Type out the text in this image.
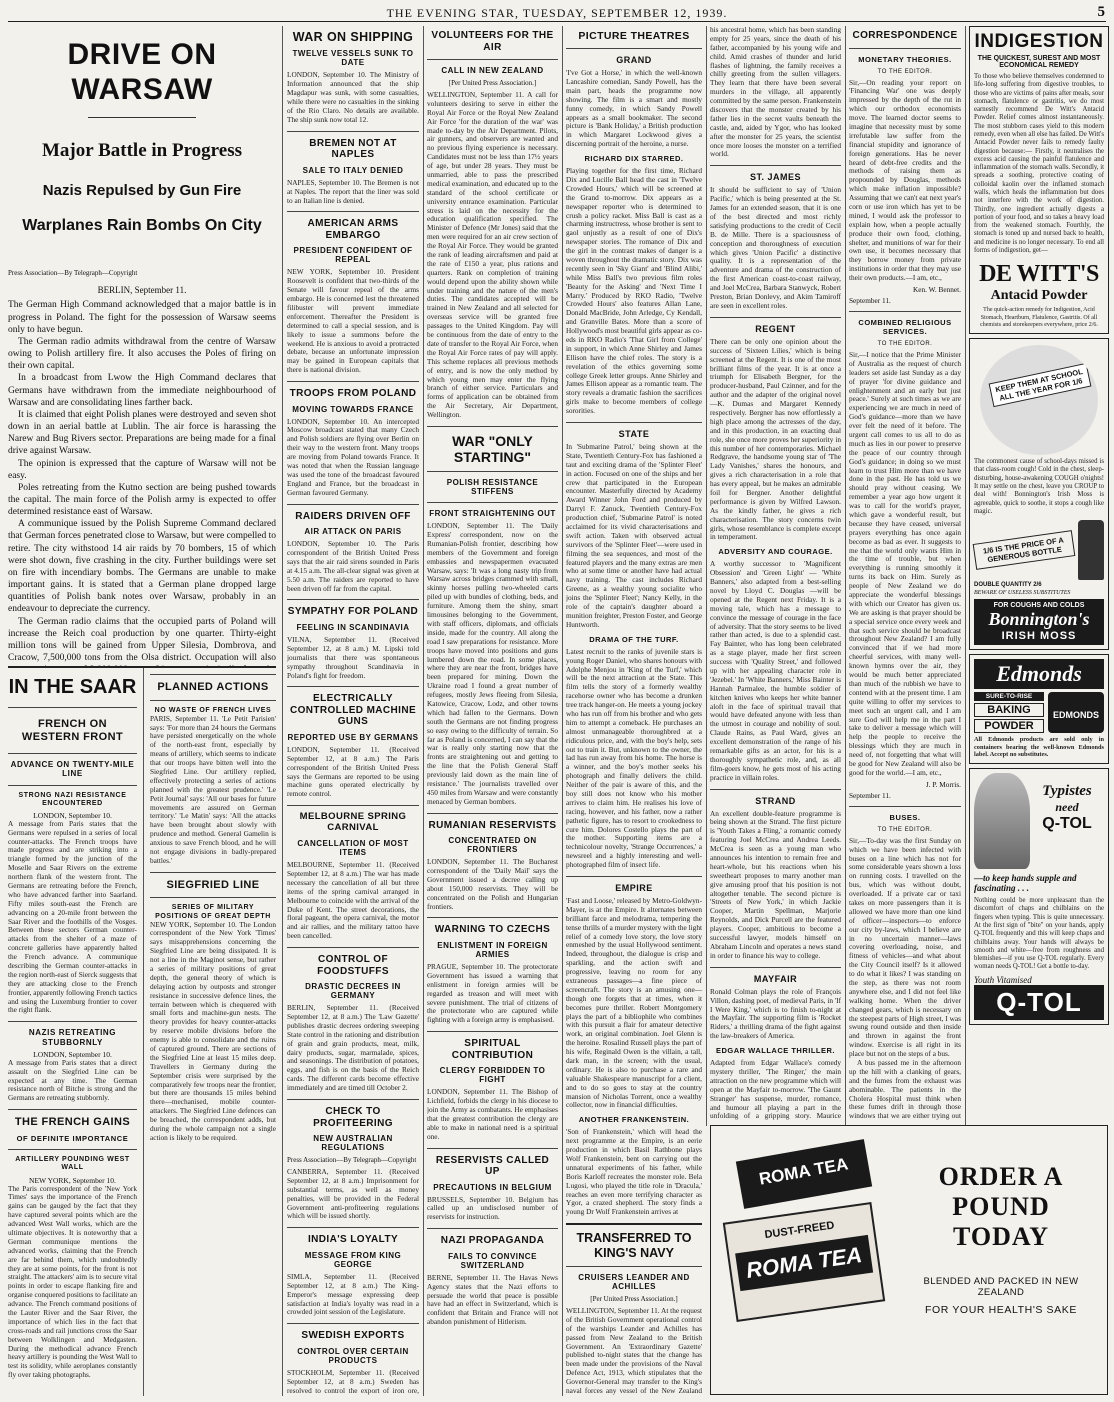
THE EVENING STAR, TUESDAY, SEPTEMBER 12, 1939.	5
DRIVE ON WARSAW
Major Battle in Progress
Nazis Repulsed by Gun Fire
Warplanes Rain Bombs On City
Press Association—By Telegraph—Copyright
BERLIN, September 11.

The German High Command acknowledged that a major battle is in progress in Poland. The fight for the possession of Warsaw seems only to have begun.

The German radio admits withdrawal from the centre of Warsaw owing to Polish artillery fire. It also accuses the Poles of firing on their own capital.

In a broadcast from Lwow the High Command declares that Germans have withdrawn from the immediate neighbourhood of Warsaw and are consolidating lines farther back.

It is claimed that eight Polish planes were destroyed and seven shot down in an aerial battle at Lublin. The air force is harassing the Narew and Bug Rivers sector. Preparations are being made for a final drive against Warsaw.

The opinion is expressed that the capture of Warsaw will not be easy.

Poles retreating from the Kutno section are being pushed towards the capital. The main force of the Polish army is expected to offer determined resistance east of Warsaw.

A communique issued by the Polish Supreme Command declared that German forces penetrated close to Warsaw, but were compelled to retire. The city withstood 14 air raids by 70 bombers, 15 of which were shot down, five crashing in the city. Further buildings were set on fire with incendiary bombs. The Germans are unable to make important gains. It is stated that a German plane dropped large quantities of Polish bank notes over Warsaw, probably in an endeavour to depreciate the currency.

The German radio claims that the occupied parts of Poland will increase the Reich coal production by one quarter. Thirty-eight million tons will be gained from Upper Silesia, Dombrova, and Cracow, 7,500,000 tons from the Olsa district. Occupation will also

IN THE SAAR
FRENCH ON WESTERN FRONT
ADVANCE ON TWENTY-MILE LINE
STRONG NAZI RESISTANCE ENCOUNTERED
LONDON, September 10.

A message from Paris states that the Germans were repulsed in a series of local counter-attacks. The French troops have made progress and are striking into a triangle formed by the junction of the Moselle and Saar Rivers on the extreme northern flank of the western front. The Germans are retreating before the French, who have advanced farther into Saarland. Fifty miles south-east the French are advancing on a 20-mile front between the Saar River and the foothills of the Vosges. Between these sectors German counter-attacks from the shelter of a maze of concrete galleries have apparently halted the French advance. A communique describing the German counter-attacks in the region north-east of Sierck suggests that they are attacking close to the French frontier, apparently following French tactics and using the Luxemburg frontier to cover the right flank.

NAZIS RETREATING STUBBORNLY
LONDON, September 10.

A message from Paris states that a direct assault on the Siegfried Line can be expected at any time. The German resistance north of Bitche is strong and the Germans are retreating stubbornly.

THE FRENCH GAINS
OF DEFINITE IMPORTANCE
ARTILLERY POUNDING WEST WALL
NEW YORK, September 10.

The Paris correspondent of the 'New York Times' says the importance of the French gains can be gauged by the fact that they have captured several points which are the advanced West Wall works, which are the ultimate objectives. It is noteworthy that a German communique mentions the advanced works, claiming that the French are far behind them, which undoubtedly they are at some points, for the front is not straight. The attackers' aim is to secure vital points in order to escape flanking fire and organise conquered positions to facilitate an advance. The French command positions of the Lauter River and the Saar River, the importance of which lies in the fact that cross-roads and rail junctions cross the Saar between Wolklingen and Medgasten. During the methodical advance French heavy artillery is pounding the West Wall to test its solidity, while aeroplanes constantly fly over taking photographs.

PLANNED ACTIONS
NO WASTE OF FRENCH LIVES

PARIS, September 11. 'Le Petit Parisien' says: 'For more than 24 hours the Germans have persisted energetically on the whole of the north-east front, especially by means of artillery, which seems to indicate that our troops have bitten well into the Siegfried Line. Our artillery replied, effectively protecting a series of actions planned with the greatest prudence.' 'Le Petit Journal' says: 'All our bases for future movements are assured on German territory.' 'Le Matin' says: 'All the attacks have been brought about slowly with prudence and method. General Gamelin is anxious to save French blood, and he will not engage divisions in badly-prepared battles.'

SIEGFRIED LINE
SERIES OF MILITARY POSITIONS OF GREAT DEPTH

NEW YORK, September 10. The London correspondent of the New York 'Times' says misapprehensions concerning the Siegfried Line are being dissipated. It is not a line in the Maginot sense, but rather a series of military positions of great depth, the general theory of which is delaying action by outposts and stronger resistance in successive defence lines, the terrain between which is chequered with small forts and machine-gun nests. The theory provides for heavy counter-attacks by reserve mobile divisions before the enemy is able to consolidate and the ruins of captured ground. There are sections of the Siegfried Line at least 15 miles deep. Travellers in Germany during the September crisis were surprised by the comparatively few troops near the frontier, but there are thousands 15 miles behind there—mechanised, mobile counter-attackers. The Siegfried Line defences can be breached, the correspondent adds, but during the whole campaign not a single action is likely to be required.

WAR ON SHIPPING
TWELVE VESSELS SUNK TO DATE

LONDON, September 10. The Ministry of Information announced that the ship Magdapur was sunk, with some casualties, while there were no casualties in the sinking of the Rio Claro. No details are available. The ship sunk now total 12.

BREMEN NOT AT NAPLES
SALE TO ITALY DENIED

NAPLES, September 10. The Bremen is not at Naples. The report that the liner was sold to an Italian line is denied.

AMERICAN ARMS EMBARGO
PRESIDENT CONFIDENT OF REPEAL

NEW YORK, September 10. President Roosevelt is confident that two-thirds of the Senate will favour repeal of the arms embargo. He is concerned lest the threatened filibuster will prevent immediate enforcement. Thereafter the President is determined to call a special session, and is likely to issue a summons before the weekend. He is anxious to avoid a protracted debate, because an unfortunate impression may be gained in European capitals that there is national division.

TROOPS FROM POLAND
MOVING TOWARDS FRANCE

LONDON, September 10. An intercepted Moscow broadcast stated that many Czech and Polish soldiers are flying over Berlin on their way to the western front. Many troops are moving from Poland towards France. It was noted that when the Russian language was used the tone of the broadcast favoured England and France, but the broadcast in German favoured Germany.

RAIDERS DRIVEN OFF
AIR ATTACK ON PARIS

LONDON, September 10. The Paris correspondent of the British United Press says that the air raid sirens sounded in Paris at 4.15 a.m. The all-clear signal was given at 5.50 a.m. The raiders are reported to have been driven off far from the capital.

SYMPATHY FOR POLAND
FEELING IN SCANDINAVIA

VILNA, September 11. (Received September 12, at 8 a.m.) M. Lipski told journalists that there was spontaneous sympathy throughout Scandinavia in Poland's fight for freedom.

ELECTRICALLY CONTROLLED MACHINE GUNS
REPORTED USE BY GERMANS

LONDON, September 11. (Received September 12, at 8 a.m.) The Paris correspondent of the British United Press says the Germans are reported to be using machine guns operated electrically by remote control.

MELBOURNE SPRING CARNIVAL
CANCELLATION OF MOST ITEMS

MELBOURNE, September 11. (Received September 12, at 8 a.m.) The war has made necessary the cancellation of all but three items of the spring carnival arranged in Melbourne to coincide with the arrival of the Duke of Kent. The street decorations, the floral pageant, the opera carnival, the motor and air rallies, and the military tattoo have been cancelled.

CONTROL OF FOODSTUFFS
DRASTIC DECREES IN GERMANY

BERLIN, September 11. (Received September 12, at 8 a.m.) The 'Law Gazette' publishes drastic decrees ordering sweeping State control in the rationing and distribution of grain and grain products, meat, milk, dairy products, sugar, marmalade, spices, and seasonings. The distribution of potatoes, eggs, and fish is on the basis of the Reich cards. The different cards become effective immediately and are timed till October 2.

CHECK TO PROFITEERING
NEW AUSTRALIAN REGULATIONS
Press Association—By Telegraph—Copyright

CANBERRA, September 11. (Received September 12, at 8 a.m.) Imprisonment for substantial terms, as well as money penalties, will be provided in the Federal Government anti-profiteering regulations which will be issued shortly.

INDIA'S LOYALTY
MESSAGE FROM KING GEORGE

SIMLA, September 11. (Received September 12, at 8 a.m.) The King-Emperor's message expressing deep satisfaction at India's loyalty was read in a crowded joint session of the Legislature.

SWEDISH EXPORTS
CONTROL OVER CERTAIN PRODUCTS

STOCKHOLM, September 11. (Received September 12, at 8 a.m.) Sweden has resolved to control the export of iron ore,

VOLUNTEERS FOR THE AIR
CALL IN NEW ZEALAND
[Per United Press Association.]

WELLINGTON, September 11. A call for volunteers desiring to serve in either the Royal Air Force or the Royal New Zealand Air Force 'for the duration of the war' was made to-day by the Air Department. Pilots, air gunners, and observers are wanted and no previous flying experience is necessary. Candidates must not be less than 17½ years of age, but under 28 years. They must be unmarried, able to pass the prescribed medical examination, and educated up to the standard of the school certificate or university entrance examination. Particular stress is laid on the necessity for the education qualification specified. The Minister of Defence (Mr Jones) said that the men were required for an air crew section of the Royal Air Force. They would be granted the rank of leading aircraftsmen and paid at the rate of £150 a year, plus rations and quarters. Rank on completion of training would depend upon the ability shown while under training and the nature of the men's duties. The candidates accepted will be trained in New Zealand and all selected for overseas service will be granted free passages to the United Kingdom. Pay will be continuous from the date of entry to the date of transfer to the Royal Air Force, when the Royal Air Force rates of pay will apply. This scheme replaces all previous methods of entry, and is now the only method by which young men may enter the flying branch of either service. Particulars and forms of application can be obtained from the Air Secretary, Air Department, Wellington.

WAR "ONLY STARTING"
POLISH RESISTANCE STIFFENS
FRONT STRAIGHTENING OUT

LONDON, September 11. The 'Daily Express' correspondent, now on the Rumanian-Polish frontier, describing how members of the Government and foreign embassies and newspapermen evacuated Warsaw, says: 'It was a long nasty trip from Warsaw across bridges crammed with small, skinny horses pulling two-wheeled carts piled up with bundles of clothing, beds, and furniture. Among them the shiny, smart limousines belonging to the Government, with staff officers, diplomats, and officials inside, made for the country. All along the road I saw preparations for resistance. More troops have moved into positions and guns lumbered down the road. In some places, where they are near the front, bridges have been prepared for mining. Down the Ukraine road I found a great number of refugees, mostly Jews fleeing from Silesia, Katowice, Cracow, Lodz, and other towns which had fallen to the Germans. Down south the Germans are not finding progress so easy owing to the difficulty of terrain. So far as Poland is concerned, I can say that the war is really only starting now that the fronts are straightening out and getting to the line that the Polish General Staff previously laid down as the main line of resistance.' The journalists travelled over 450 miles from Warsaw and were constantly menaced by German bombers.

RUMANIAN RESERVISTS
CONCENTRATED ON FRONTIERS

LONDON, September 11. The Bucharest correspondent of the 'Daily Mail' says the Government issued a decree calling up about 150,000 reservists. They will be concentrated on the Polish and Hungarian frontiers.

WARNING TO CZECHS
ENLISTMENT IN FOREIGN ARMIES

PRAGUE, September 10. The protectorate Government has issued a warning that enlistment in foreign armies will be regarded as treason and will meet with severe punishment. The trial of citizens of the protectorate who are captured while fighting with a foreign army is emphasised.

SPIRITUAL CONTRIBUTION
CLERGY FORBIDDEN TO FIGHT

LONDON, September 11. The Bishop of Lichfield, forbids the clergy in his diocese to join the Army as combatants. He emphasises that the greatest contribution the clergy are able to make in national need is a spiritual one.

RESERVISTS CALLED UP
PRECAUTIONS IN BELGIUM

BRUSSELS, September 10. Belgium has called up an undisclosed number of reservists for instruction.

NAZI PROPAGANDA
FAILS TO CONVINCE SWITZERLAND

BERNE, September 11. The Havas News Agency states that the Nazi efforts to persuade the world that peace is possible have had an effect in Switzerland, which is confident that Britain and France will not abandon punishment of Hitlerism.

PICTURE THEATRES
GRAND

'I've Got a Horse,' in which the well-known Lancashire comedian, Sandy Powell, has the main part, heads the programme now showing. The film is a smart and mostly funny comedy, in which Sandy Powell appears as a small bookmaker. The second picture is 'Bank Holiday,' a British production in which Margaret Lockwood gives a discerning portrait of the heroine, a nurse.

RICHARD DIX STARRED.

Playing together for the first time, Richard Dix and Lucille Ball head the cast in 'Twelve Crowded Hours,' which will be screened at the Grand to-morrow. Dix appears as a newspaper reporter who is determined to crush a policy racket. Miss Ball is cast as a charming instructress, whose brother is sent to gaol unjustly as a result of one of Dix's newspaper stories. The romance of Dix and the girl in the contrast makes of danger is a woven throughout the dramatic story. Dix was recently seen in 'Sky Giant' and 'Blind Alibi,' while Miss Ball's two previous film roles 'Beauty for the Asking' and 'Next Time I Marry.' Produced by RKO Radio, 'Twelve Crowded Hours' also features Allan Lane, Donald MacBride, John Arledge, Cy Kendall, and Granville Bates. More than a score of Hollywood's most beautiful girls appear as co-eds in RKO Radio's 'That Girl from College' in support, in which Anne Shirley and James Ellison have the chief roles. The story is a revelation of the ethics governing some college Greek letter groups. Anne Shirley and James Ellison appear as a romantic team. The story reveals a dramatic fashion the sacrifices girls make to become members of college sororities.

STATE

In 'Submarine Patrol,' being shown at the State, Twentieth Century-Fox has fashioned a taut and exciting drama of the 'Splinter Fleet' in action. Focused on one of the ships and her crew that participated in the European encounter. Masterfully directed by Academy Award Winner John Ford and produced by Darryl F. Zanuck, Twentieth Century-Fox production chief, 'Submarine Patrol' is noted acclaimed for its vivid characterisations and swift action. Taken with observed actual survivors of the 'Splinter Fleet'—were used in filming the sea sequences, and most of the featured players and the many extras are men who at some time or another have had actual navy training. The cast includes Richard Greene, as a wealthy young socialite who joins the 'Splinter Fleet'; Nancy Kelly, in the role of the captain's daughter aboard a munition freighter, Preston Foster, and George Huntworth.

DRAMA OF THE TURF.

Latest recruit to the ranks of juvenile stars is young Roger Daniel, who shares honours with Adolphe Menjou in 'King of the Turf,' which will be the next attraction at the State. This film tells the story of a formerly wealthy racehorse owner who has become a drunken tree track hanger-on. He meets a young jockey who has run off from his brother and who gets him to attempt a comeback. He purchases an almost unmanageable thoroughbred at a ridiculous price, and, with the boy's help, sets out to train it. But, unknown to the owner, the lad has run away from his home. The horse is a winner, and the boy's mother seeks his photograph and finally delivers the child. Neither of the pair is aware of this, and the boy still does not know who his mother arrives to claim him. He realises his love of racing, however, and his father, now a rather pathetic figure, has to resort to crookedness to cure him. Dolores Costello plays the part of the mother. Supporting items are a technicolour novelty, 'Strange Occurrences,' a newsreel and a highly interesting and well-photographed film of insect life.

EMPIRE

'Fast and Loose,' released by Metro-Goldwyn-Mayer, is at the Empire. It alternates between brilliant farce and melodrama, tempering the tense thrills of a murder mystery with the light relief of a comedy love story, the love story enmeshed by the usual Hollywood sentiment. Indeed, throughout, the dialogue is crisp and sparkling, and the action swift and progressive, leaving no room for any extraneous passages—a fine piece of screencraft. The story is an amusing one—though one forgets that at times, when it becomes pure thriller. Robert Montgomery plays the part of a bibliophile who combines with this pursuit a flair for amateur detective work, an original combination. Joel Glenn is the heroine. Rosalind Russell plays the part of his wife, Reginald Owen is the villain, a tall, dark man, in the screen; with the usual, ordinary. He is also to purchase a rare and valuable Shakespeare manuscript for a client, and to do so goes to stay at the country mansion of Nicholas Torrent, once a wealthy collector, now in financial difficulties.

ANOTHER FRANKENSTEIN.

'Son of Frankenstein,' which will head the next programme at the Empire, is an eerie production in which Basil Rathbone plays Wolf Frankenstein, bent on carrying out the unnatural experiments of his father, while Boris Karloff recreates the monster role. Bela Lugosi, who played the title role in 'Dracula,' reaches an even more terrifying character as Ygor, a crazed shepherd. The story finds a young Dr Wolf Frankenstein arrives at

TRANSFERRED TO KING'S NAVY
CRUISERS LEANDER AND ACHILLES
[Per United Press Association.]

WELLINGTON, September 11. At the request of the British Government operational control of the warships Leander and Achilles has passed from New Zealand to the British Government. An 'Extraordinary Gazette' published to-night states that the change has been made under the provisions of the Naval Defence Act, 1913, which stipulates that the Governor-General may transfer to the King's naval forces any vessel of the New Zealand

his ancestral home, which has been standing empty for 25 years, since the death of his father, accompanied by his young wife and child. Amid crashes of thunder and lurid flashes of lightning, the family receives a chilly greeting from the sullen villagers. They learn that there have been several murders in the village, all apparently committed by the same person. Frankenstein discovers that the monster created by his father lies in the secret vaults beneath the castle, and, aided by Ygor, who has looked after the monster for 25 years, the scientist once more looses the monster on a terrified world.

ST. JAMES

It should be sufficient to say of 'Union Pacific,' which is being presented at the St. James for an extended season, that it is one of the best directed and most richly satisfying productions to the credit of Cecil B. de Mille. There is a spaciousness of conception and thoroughness of execution which gives 'Union Pacific' a distinctive quality. It is a representation of the adventure and drama of the construction of the first American coast-to-coast railway, and Joel McCrea, Barbara Stanwyck, Robert Preston, Brian Donlevy, and Akim Tamiroff are seen in excellent roles.

REGENT

There can be only one opinion about the success of 'Sixteen Lilies,' which is being screened at the Regent. It is one of the most brilliant films of the year. It is at once a triumph for Elisabeth Bergner, for the producer-husband, Paul Czinner, and for the author and the adapter of the original novel—K. Dumas and Margaret Kennedy respectively. Bergner has now effortlessly a high place among the actresses of the day, and in this production, in an exacting dual role, she once more proves her superiority in this number of her contemporaries. Michael Redgrave, the handsome young star of 'The Lady Vanishes,' shares the honours, and gives a rich characterisation in a role that has every appeal, but he makes an admirable foil for Bergner. Another delightful performance is given by Wilfred Lawson. As the kindly father, he gives a rich characterisation. The story concerns twin girls, whose resemblance is complete except in temperament.

ADVERSITY AND COURAGE.

A worthy successor to 'Magnificent Obsession' and 'Green Light' — 'White Banners,' also adapted from a best-selling novel by Lloyd C. Douglas —will be opened at the Regent next Friday. It is a moving tale, which has a message to convince the message of courage in the face of adversity. That the story seems to be lived rather than acted, is due to a splendid cast. Fay Bainter, who has long been celebrated as a stage player, made her first screen success with 'Quality Street,' and followed up with her appealing character role in 'Jezebel.' In 'White Banners,' Miss Bainter is Hannah Parmalee, the humble soldier of kitchen knives who keeps her white banner aloft in the face of spiritual travail that would have defeated anyone with less than the utmost in courage and nobility of soul. Claude Rains, as Paul Ward, gives an excellent demonstration of the range of his remarkable gifts as an actor, for his is a thoroughly sympathetic role, and, as all film-goers know, he gets most of his acting practice in villain roles.

STRAND

An excellent double-feature programme is being shown at the Strand. The first picture is 'Youth Takes a Fling,' a romantic comedy featuring Joel McCrea and Andrea Leeds. McCrea is seen as a young man who announces his intention to remain free and heart-whole, but his reactions when his sweetheart proposes to marry another man give amusing proof that his position is not altogether tenable. The second picture is 'Streets of New York,' in which Jackie Cooper, Martin Spellman, Marjorie Reynolds, and Dick Purcell are the featured players. Cooper, ambitious to become a successful lawyer, models himself on Abraham Lincoln and operates a news stand in order to finance his way to college.

MAYFAIR

Ronald Colman plays the role of François Villon, dashing poet, of medieval Paris, in 'If I Were King,' which is to finish to-night at the Mayfair. The supporting film is 'Rocket Riders,' a thrilling drama of the fight against the law-breakers of America.

EDGAR WALLACE THRILLER.

Adapted from Edgar Wallace's comedy mystery thriller, 'The Ringer,' the main attraction on the new programme which will open at the Mayfair to-morrow. 'The Gaunt Stranger' has suspense, murder, romance, and humour all playing a part in the unfolding of a gripping story. Maurice

CORRESPONDENCE
MONETARY THEORIES.
TO THE EDITOR.

Sir,—On reading your report on 'Financing War' one was deeply impressed by the depth of the rut in which our orthodox economists move. The learned doctor seems to imagine that necessity must by some irrefutable law suffer from the financial stupidity and ignorance of foreign generations. Has he never heard of debt-free credits and the methods of raising them as propounded by Douglas, methods which make inflation impossible? Assuming that we can't eat next year's corn or use iron which has yet to be mined, I would ask the professor to explain how, when a people actually produce their own food, clothing, shelter, and munitions of war for their own use, it becomes necessary that they borrow money from private institutions in order that they may use their own products.—I am, etc.,

Ken. W. Bennet.
September 11.
COMBINED RELIGIOUS SERVICES.
TO THE EDITOR.

Sir,—I notice that the Prime Minister of Australia as the request of church leaders set aside last Sunday as a day of prayer 'for divine guidance and enlightenment and an early but just peace.' Surely at such times as we are experiencing we are much in need of God's guidance—more than we have ever felt the need of it before. The urgent call comes to us all to do as much as lies in our power to preserve the peace of our country through God's guidance; in doing so we must learn to trust Him more than we have done in the past. He has told us we should pray without ceasing. We remember a year ago how urgent it was to call for the world's prayer, which gave a wonderful result, but because they have ceased, universal prayers everything has once again become as bad as ever. It suggests to me that the world only wants Him in the time of trouble, but when everything is running smoothly it turns its back on Him. Surely as people of New Zealand we do appreciate the wonderful blessings with which our Creator has given us. We are asking is that prayer should be a special service once every week and that such service should be broadcast throughout New Zealand? I am fully convinced that if we had more cheerful services, with many well-known hymns over the air, they would be much better appreciated than much of the rubbish we have to contend with at the present time. I am quite willing to offer my services to meet such an urgent call, and I am sure God will help me in the part I take to deliver a message which will help the people to receive the blessings which they are much in need of, not forgetting that what will be good for New Zealand will also be good for the world.—I am, etc.,

J. P. Morris.
September 11.
BUSES.
TO THE EDITOR.

Sir,—To-day was the first Sunday on which we have been infected with buses on a line which has not for some considerable years shown a loss on running costs. I travelled on the bus, which was without doubt, overloaded. If a private car or taxi takes on more passengers than it is allowed we have more than one kind of officer—inspectors—to enforce our city by-laws, which I believe are in no uncertain manner—laws covering overloading, noise, and fitness of vehicles—and what about the City Council itself? Is it allowed to do what it likes? I was standing on the step, as there was not room anywhere else, and I did not feel like walking home. When the driver changed gears, which is necessary on the steepest parts of High street, I was swung round outside and then inside and thrown in against the front window. Exercise is all right in its place but not on the steps of a bus.

A bus passed me in the afternoon up the hill with a clanking of gears, and the fumes from the exhaust was abominable. The patients in the Cholera Hospital must think when these fumes drift in through those windows that we are either trying out

INDIGESTION
THE QUICKEST, SUREST AND MOST ECONOMICAL REMEDY

To those who believe themselves condemned to life-long suffering from digestive troubles, to those who are victims of pains after meals, sour stomach, flatulence or gastritis, we do most earnestly recommend De Witt's Antacid Powder. Relief comes almost instantaneously. The most stubborn cases yield to this modern remedy, even when all else has failed. De Witt's Antacid Powder never fails to remedy faulty digestion because:— Firstly, it neutralises the excess acid causing the painful flatulence and inflammation of the stomach walls. Secondly, it spreads a soothing, protective coating of colloidal kaolin over the inflamed stomach walls, which heals the inflammation but does not interfere with the work of digestion. Thirdly, one ingredient actually digests a portion of your food, and so takes a heavy load from the weakened stomach. Fourthly, the stomach is toned up and nursed back to health, and medicine is no longer necessary. To end all forms of indigestion, get—

DE WITT'S
Antacid Powder

The quick-action remedy for Indigestion, Acid Stomach, Heartburn, Flatulence, Gastritis. Of all chemists and storekeepers everywhere, price 2/6.

KEEP THEM AT SCHOOL ALL THE YEAR FOR 1/6

The commonest cause of school-days missed is that class-room cough! Cold in the chest, sleep-disturbing, house-awakening COUGH o'nights! It may settle on the chest, leave you CROUP to deal with! Bonnington's Irish Moss is agreeable, quick to soothe, it stops a cough like magic.

1/6 IS THE PRICE OF A GENEROUS BOTTLE
DOUBLE QUANTITY 2/6
BEWARE OF USELESS SUBSTITUTES
FOR COUGHS AND COLDS
Bonnington's
IRISH MOSS
Edmonds
SURE-TO-RISE
BAKING
POWDER
EDMONDS

All Edmonds products are sold only in containers bearing the well-known Edmonds label. Accept no substitutes.

Typistes
need
Q-TOL
—to keep hands supple and fascinating . . .

Nothing could be more unpleasant than the discomfort of chaps and chilblains on the fingers when typing. This is quite unnecessary. At the first sign of "bite" on your hands, apply Q-TOL frequently and this will keep chaps and chilblains away. Your hands will always be smooth and white—free from roughness and blemishes—if you use Q-TOL regularly. Every woman needs Q-TOL! Get a bottle to-day.

Youth Vitamised
Q-TOL
ROMA TEA
DUST-FREED
ROMA TEA
ORDER A POUND
TODAY
BLENDED AND PACKED IN NEW ZEALAND
FOR YOUR HEALTH'S SAKE
